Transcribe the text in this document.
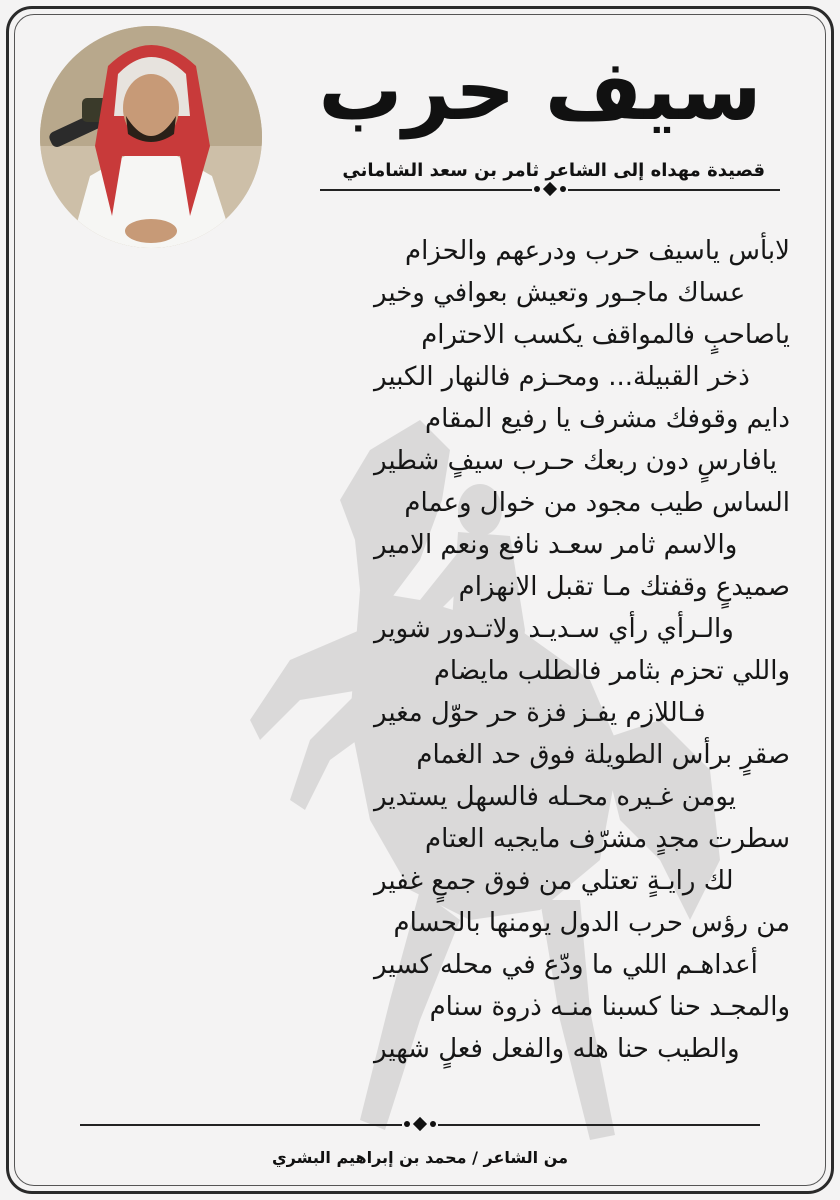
سيف حرب
قصيدة مهداه إلى الشاعر ثامر بن سعد الشاماني
لابأس ياسيف حرب ودرعهم والحزام
عساك ماجـور وتعيش بعوافي وخير
ياصاحبٍ فالمواقف يكسب الاحترام
ذخر القبيلة... ومحـزم فالنهار الكبير
دايم وقوفك مشرف يا رفيع المقام
يافارسٍ دون ربعك حـرب سيفٍ شطير
الساس طيب مجود من خوال وعمام
والاسم ثامر سعـد نافع ونعم الامير
صميدعٍ وقفتك مـا تقبل الانهزام
والـرأي رأي سـديـد ولاتـدور شوير
واللي تحزم بثامر فالطلب مايضام
فـاللازم يفـز فزة حر حوّل مغير
صقرٍ برأس الطويلة فوق حد الغمام
يومن غـيره محـله فالسهل يستدير
سطرت مجدٍ مشرّف مايجيه العتام
لك رايـةٍ تعتلي من فوق جمعٍ غفير
من رؤس حرب الدول يومنها بالحسام
أعداهـم اللي ما ودّع في محله كسير
والمجـد حنا كسبنا منـه ذروة سنام
والطيب حنا هله والفعل فعلٍ شهير
من الشاعر / محمد بن إبراهيم البشري
